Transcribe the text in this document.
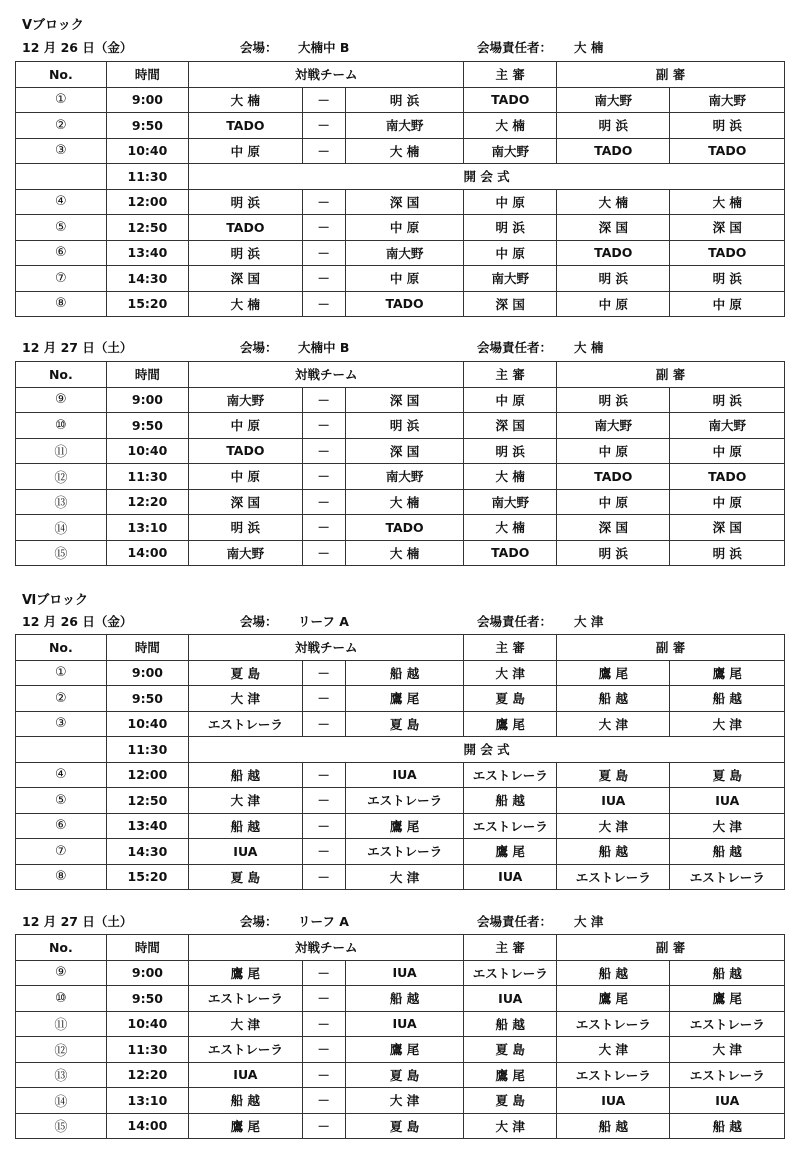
Vブロック
12 月 26 日（金）	会場： 大楠中 B	会場責任者： 大 楠
No.	時間	対戦チーム			主 審	副 審	
①	9:00	大 楠	－	明 浜	TADO	南大野	南大野
②	9:50	TADO	－	南大野	大 楠	明 浜	明 浜
③	10:40	中 原	－	大 楠	南大野	TADO	TADO
	11:30	開 会 式					
④	12:00	明 浜	－	深 国	中 原	大 楠	大 楠
⑤	12:50	TADO	－	中 原	明 浜	深 国	深 国
⑥	13:40	明 浜	－	南大野	中 原	TADO	TADO
⑦	14:30	深 国	－	中 原	南大野	明 浜	明 浜
⑧	15:20	大 楠	－	TADO	深 国	中 原	中 原
12 月 27 日（土）	会場： 大楠中 B	会場責任者： 大 楠
No.	時間	対戦チーム			主 審	副 審	
⑨	9:00	南大野	－	深 国	中 原	明 浜	明 浜
⑩	9:50	中 原	－	明 浜	深 国	南大野	南大野
⑪	10:40	TADO	－	深 国	明 浜	中 原	中 原
⑫	11:30	中 原	－	南大野	大 楠	TADO	TADO
⑬	12:20	深 国	－	大 楠	南大野	中 原	中 原
⑭	13:10	明 浜	－	TADO	大 楠	深 国	深 国
⑮	14:00	南大野	－	大 楠	TADO	明 浜	明 浜
Ⅵブロック
12 月 26 日（金）	会場： リーフ A	会場責任者： 大 津
No.	時間	対戦チーム			主 審	副 審	
①	9:00	夏 島	－	船 越	大 津	鷹 尾	鷹 尾
②	9:50	大 津	－	鷹 尾	夏 島	船 越	船 越
③	10:40	エストレーラ	－	夏 島	鷹 尾	大 津	大 津
	11:30	開 会 式					
④	12:00	船 越	－	IUA	エストレーラ	夏 島	夏 島
⑤	12:50	大 津	－	エストレーラ	船 越	IUA	IUA
⑥	13:40	船 越	－	鷹 尾	エストレーラ	大 津	大 津
⑦	14:30	IUA	－	エストレーラ	鷹 尾	船 越	船 越
⑧	15:20	夏 島	－	大 津	IUA	エストレーラ	エストレーラ
12 月 27 日（土）	会場： リーフ A	会場責任者： 大 津
No.	時間	対戦チーム			主 審	副 審	
⑨	9:00	鷹 尾	－	IUA	エストレーラ	船 越	船 越
⑩	9:50	エストレーラ	－	船 越	IUA	鷹 尾	鷹 尾
⑪	10:40	大 津	－	IUA	船 越	エストレーラ	エストレーラ
⑫	11:30	エストレーラ	－	鷹 尾	夏 島	大 津	大 津
⑬	12:20	IUA	－	夏 島	鷹 尾	エストレーラ	エストレーラ
⑭	13:10	船 越	－	大 津	夏 島	IUA	IUA
⑮	14:00	鷹 尾	－	夏 島	大 津	船 越	船 越
